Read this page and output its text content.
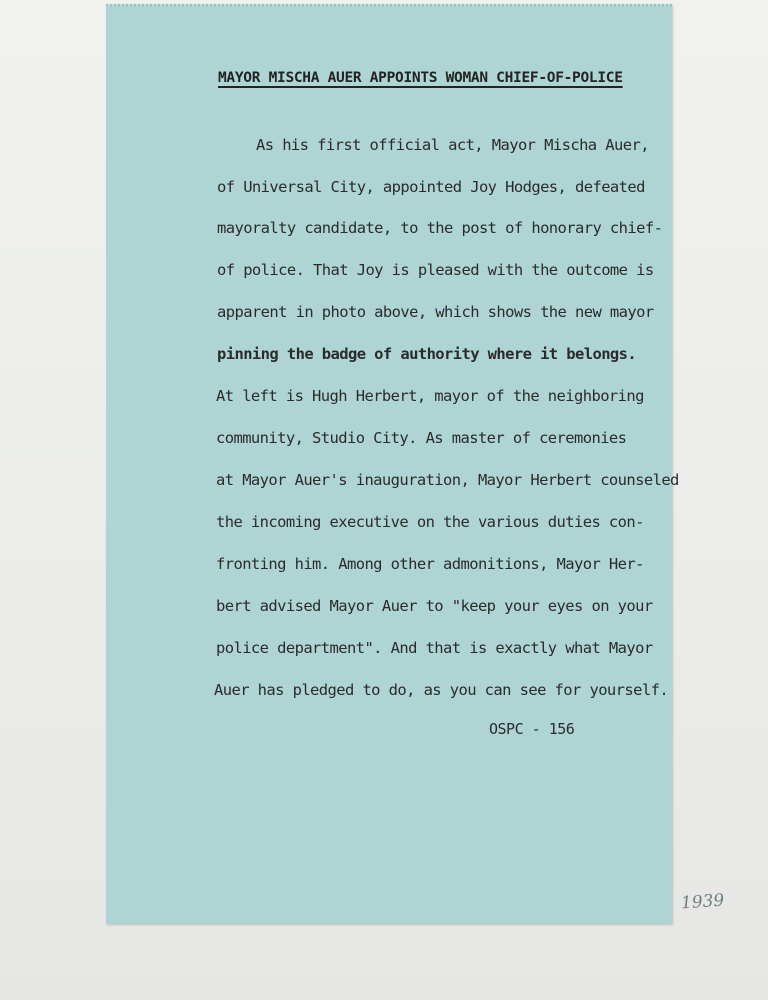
MAYOR MISCHA AUER APPOINTS WOMAN CHIEF-OF-POLICE
As his first official act, Mayor Mischa Auer,
of Universal City, appointed Joy Hodges, defeated
mayoralty candidate, to the post of honorary chief-
of police. That Joy is pleased with the outcome is
apparent in photo above, which shows the new mayor
pinning the badge of authority where it belongs.
At left is Hugh Herbert, mayor of the neighboring
community, Studio City. As master of ceremonies
at Mayor Auer's inauguration, Mayor Herbert counseled
the incoming executive on the various duties con-
fronting him. Among other admonitions, Mayor Her-
bert advised Mayor Auer to "keep your eyes on your
police department". And that is exactly what Mayor
Auer has pledged to do, as you can see for yourself.
OSPC - 156
1939
